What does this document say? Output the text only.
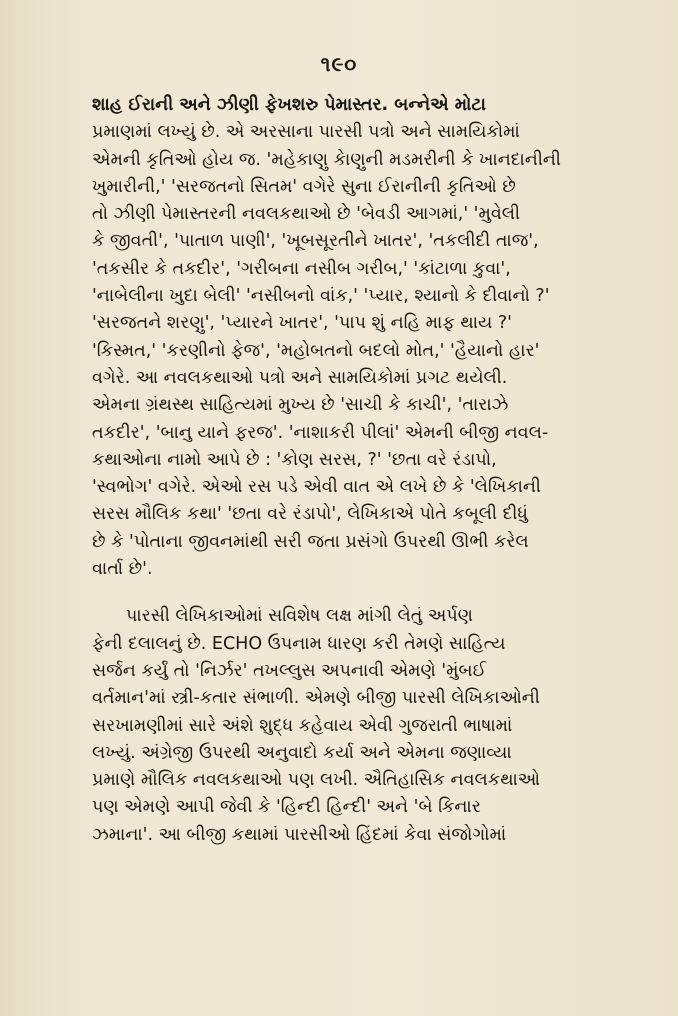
૧૯૦

શાહ ઈરાની અને ઝીણી ફેખશરુ પેમાસ્તર. બન્નેએ મોટા
પ્રમાણમાં લખ્યું છે. એ અરસાના પારસી પત્રો અને સામયિકોમાં
એમની કૃતિઓ હોય જ. 'મહેકાણુ કેાણુની મડમરીની કે ખાનદાનીની
ખુમારીની,' 'સરજતનો સિતમ' વગેરે સુના ઈરાનીની કૃતિઓ છે
તો ઝીણી પેમાસ્તરની નવલકથાઓ છે 'બેવડી આગમાં,' 'મુવેલી
કે જીવતી', 'પાતાળ પાણી', 'ખૂબસૂરતીને ખાતર', 'તકલીદી તાજ',
'તકસીર કે તકદીર', 'ગરીબના નસીબ ગરીબ,' 'કાંટાળા કુવા',
'નાબેલીના ખુદા બેલી' 'નસીબનો વાંક,' 'પ્યાર, શ્યાનો કે દીવાનો ?'
'સરજતને શરણુ', 'પ્યારને ખાતર', 'પાપ શું નહિ માફ થાય ?'
'કિસ્મત,' 'કરણીનો ફેજ', 'મહોબતનો બદલો મોત,' 'હૈયાનો હાર'
વગેરે. આ નવલકથાઓ પત્રો અને સામયિકોમાં પ્રગટ થયેલી.
એમના ગ્રંથસ્થ સાહિત્યમાં મુખ્ય છે 'સાચી કે કાચી', 'તારાઝે
તકદીર', 'બાનુ યાને ફરજ'. 'નાશાકરી પીલાં' એમની બીજી નવલ-
કથાઓના નામો આપે છે : 'કોણ સરસ, ?' 'છતા વરે રંડાપો,
'સ્વભોગ' વગેરે. એઓ રસ પડે એવી વાત એ લખે છે કે 'લેખિકાની
સરસ મૌલિક કથા' 'છતા વરે રંડાપો', લેખિકાએ પોતે કબૂલી દીધું
છે કે 'પોતાના જીવનમાંથી સરી જતા પ્રસંગો ઉપરથી ઊભી કરેલ
વાર્તા છે'.

પારસી લેખિકાઓમાં સવિશેષ લક્ષ માંગી લેતું અર્પણ
ફેની દલાલનું છે. ECHO ઉપનામ ધારણ કરી તેમણે સાહિત્ય
સર્જન કર્યું તો 'નિર્ઝર' તખલ્લુસ અપનાવી એમણે 'મુંબઈ
વર્તમાન'માં સ્ત્રી-કતાર સંભાળી. એમણે બીજી પારસી લેખિકાઓની
સરખામણીમાં સારે અંશે શુદ્ધ કહેવાય એવી ગુજરાતી ભાષામાં
લખ્યું. અંગ્રેજી ઉપરથી અનુવાદો કર્યા અને એમના જણાવ્યા
પ્રમાણે મૌલિક નવલકથાઓ પણ લખી. ઐતિહાસિક નવલકથાઓ
પણ એમણે આપી જેવી કે 'હિન્દી હિન્દી' અને 'બે કિનાર
ઝમાના'. આ બીજી કથામાં પારસીઓ હિંદમાં કેવા સંજોગોમાં
